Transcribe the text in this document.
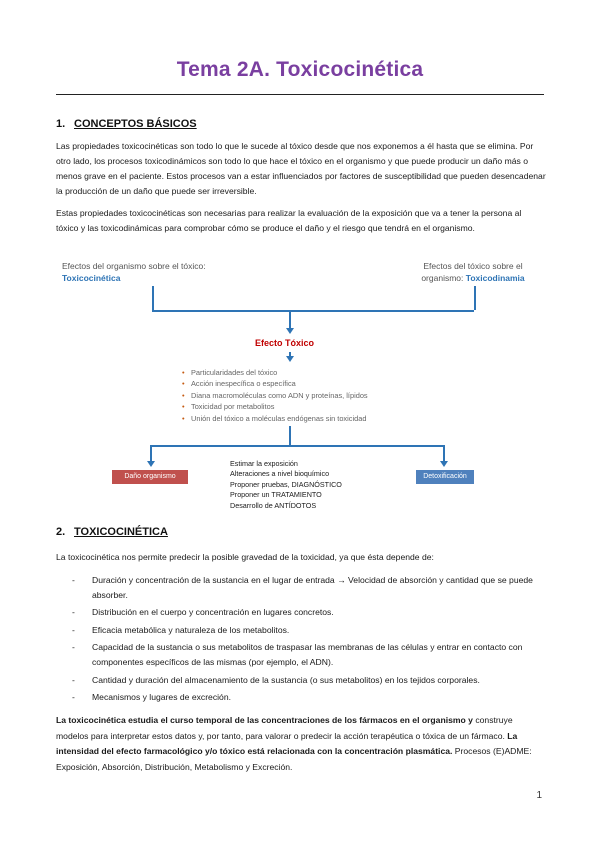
Tema 2A. Toxicocinética
1. CONCEPTOS BÁSICOS

Las propiedades toxicocinéticas son todo lo que le sucede al tóxico desde que nos exponemos a él hasta que se elimina. Por otro lado, los procesos toxicodinámicos son todo lo que hace el tóxico en el organismo y que puede producir un daño más o menos grave en el paciente. Estos procesos van a estar influenciados por factores de susceptibilidad que pueden desencadenar la producción de un daño que puede ser irreversible.

Estas propiedades toxicocinéticas son necesarias para realizar la evaluación de la exposición que va a tener la persona al tóxico y las toxicodinámicas para comprobar cómo se produce el daño y el riesgo que tendrá en el organismo.

Efectos del organismo sobre el tóxico:
Toxicocinética
Efectos del tóxico sobre el organismo: Toxicodinamia
Efecto Tóxico
• Particularidades del tóxico
• Acción inespecífica o específica
• Diana macromoléculas como ADN y proteínas, lípidos
• Toxicidad por metabolitos
• Unión del tóxico a moléculas endógenas sin toxicidad
Daño organismo	Detoxificación
Estimar la exposición
Alteraciones a nivel bioquímico
Proponer pruebas, DIAGNÓSTICO
Proponer un TRATAMIENTO
Desarrollo de ANTÍDOTOS
2. TOXICOCINÉTICA

La toxicocinética nos permite predecir la posible gravedad de la toxicidad, ya que ésta depende de:

- Duración y concentración de la sustancia en el lugar de entrada → Velocidad de absorción y cantidad que se puede absorber.
- Distribución en el cuerpo y concentración en lugares concretos.
- Eficacia metabólica y naturaleza de los metabolitos.
- Capacidad de la sustancia o sus metabolitos de traspasar las membranas de las células y entrar en contacto con componentes específicos de las mismas (por ejemplo, el ADN).
- Cantidad y duración del almacenamiento de la sustancia (o sus metabolitos) en los tejidos corporales.
- Mecanismos y lugares de excreción.

La toxicocinética estudia el curso temporal de las concentraciones de los fármacos en el organismo y construye modelos para interpretar estos datos y, por tanto, para valorar o predecir la acción terapéutica o tóxica de un fármaco. La intensidad del efecto farmacológico y/o tóxico está relacionada con la concentración plasmática. Procesos (E)ADME: Exposición, Absorción, Distribución, Metabolismo y Excreción.

1
